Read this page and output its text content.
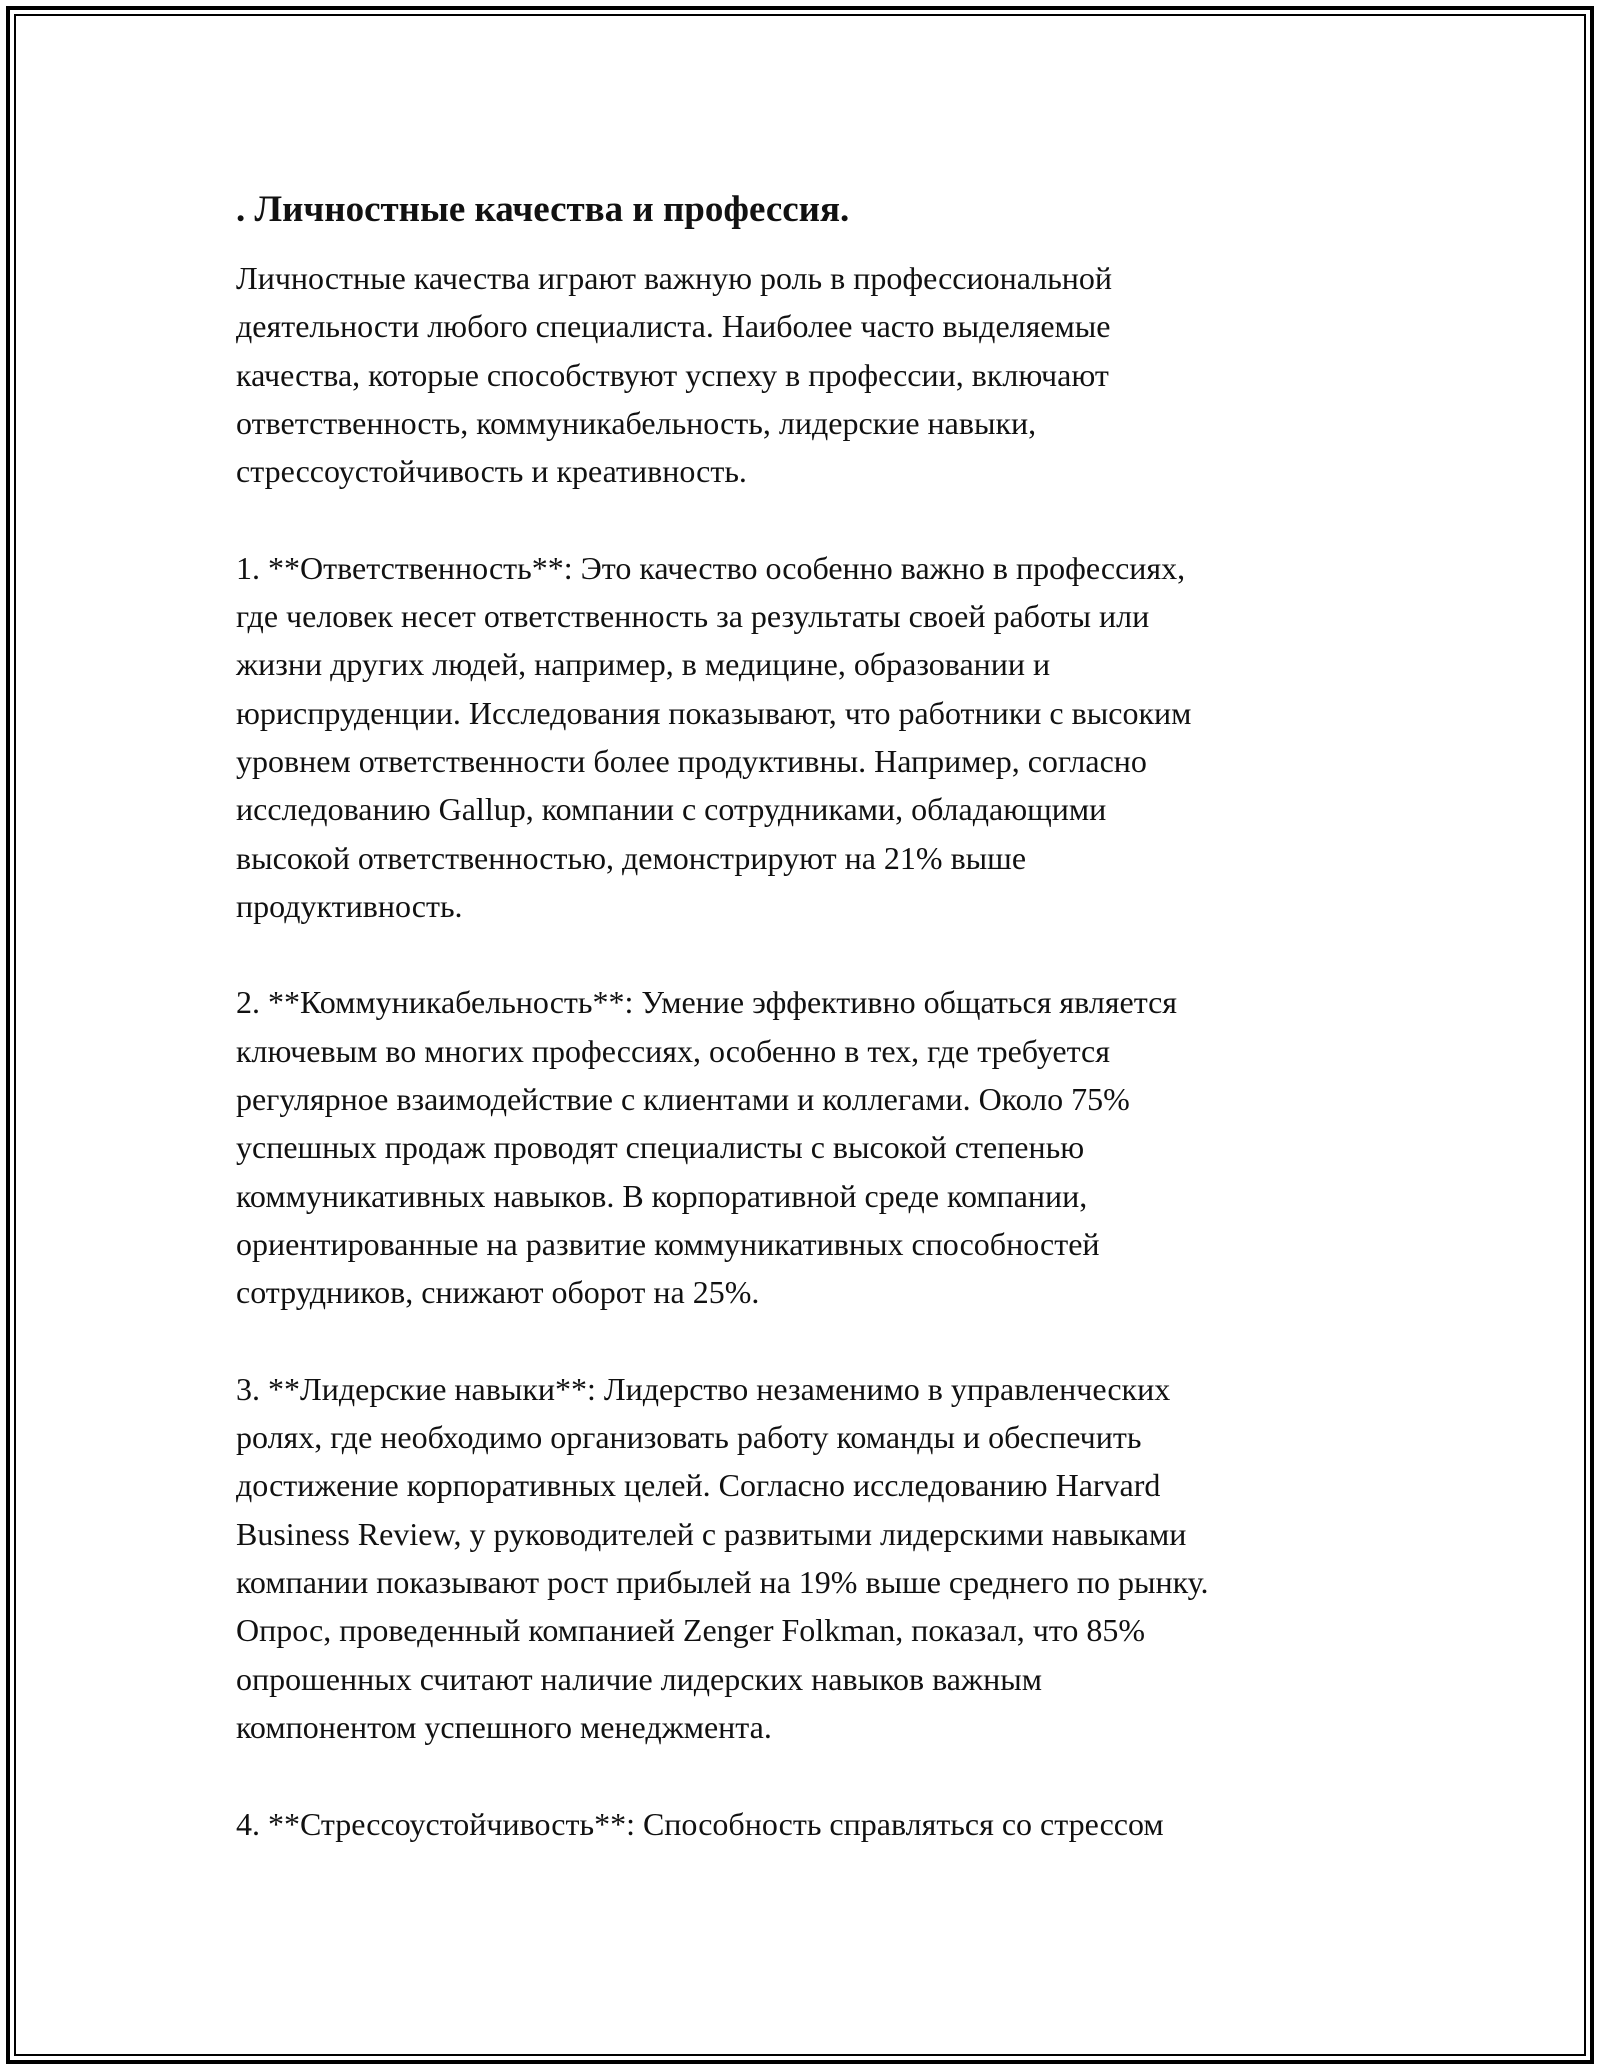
. Личностные качества и профессия.

Личностные качества играют важную роль в профессиональной
деятельности любого специалиста. Наиболее часто выделяемые
качества, которые способствуют успеху в профессии, включают
ответственность, коммуникабельность, лидерские навыки,
стрессоустойчивость и креативность.

1. **Ответственность**: Это качество особенно важно в профессиях,
где человек несет ответственность за результаты своей работы или
жизни других людей, например, в медицине, образовании и
юриспруденции. Исследования показывают, что работники с высоким
уровнем ответственности более продуктивны. Например, согласно
исследованию Gallup, компании с сотрудниками, обладающими
высокой ответственностью, демонстрируют на 21% выше
продуктивность.

2. **Коммуникабельность**: Умение эффективно общаться является
ключевым во многих профессиях, особенно в тех, где требуется
регулярное взаимодействие с клиентами и коллегами. Около 75%
успешных продаж проводят специалисты с высокой степенью
коммуникативных навыков. В корпоративной среде компании,
ориентированные на развитие коммуникативных способностей
сотрудников, снижают оборот на 25%.

3. **Лидерские навыки**: Лидерство незаменимо в управленческих
ролях, где необходимо организовать работу команды и обеспечить
достижение корпоративных целей. Согласно исследованию Harvard
Business Review, у руководителей с развитыми лидерскими навыками
компании показывают рост прибылей на 19% выше среднего по рынку.
Опрос, проведенный компанией Zenger Folkman, показал, что 85%
опрошенных считают наличие лидерских навыков важным
компонентом успешного менеджмента.

4. **Стрессоустойчивость**: Способность справляться со стрессом
